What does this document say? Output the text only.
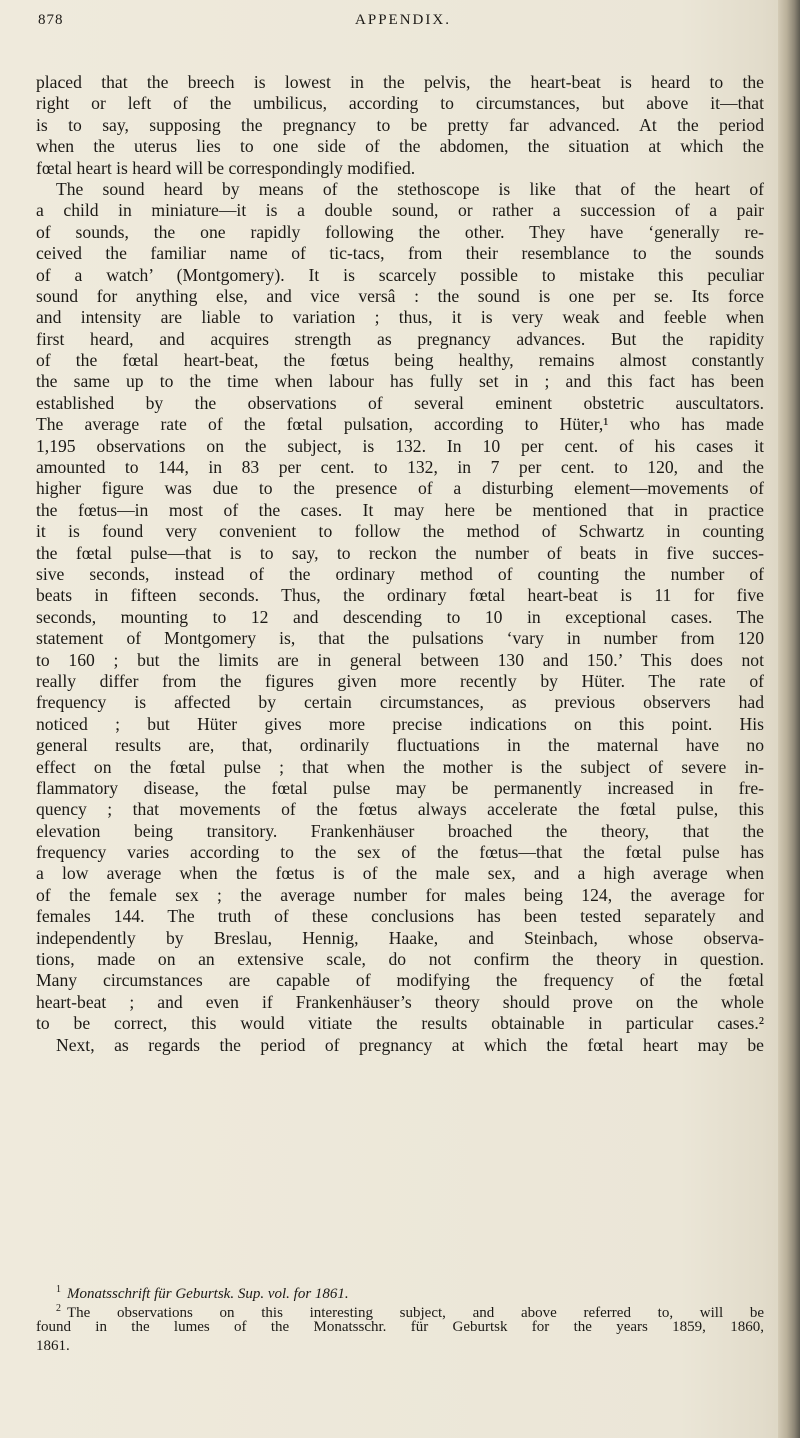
878	APPENDIX.
placed that the breech is lowest in the pelvis, the heart-beat is heard to the
right or left of the umbilicus, according to circumstances, but above it—that
is to say, supposing the pregnancy to be pretty far advanced. At the period
when the uterus lies to one side of the abdomen, the situation at which the
fœtal heart is heard will be correspondingly modified.
The sound heard by means of the stethoscope is like that of the heart of
a child in miniature—it is a double sound, or rather a succession of a pair
of sounds, the one rapidly following the other. They have ‘generally re-
ceived the familiar name of tic-tacs, from their resemblance to the sounds
of a watch’ (Montgomery). It is scarcely possible to mistake this peculiar
sound for anything else, and vice versâ : the sound is one per se. Its force
and intensity are liable to variation ; thus, it is very weak and feeble when
first heard, and acquires strength as pregnancy advances. But the rapidity
of the fœtal heart-beat, the fœtus being healthy, remains almost constantly
the same up to the time when labour has fully set in ; and this fact has been
established by the observations of several eminent obstetric auscultators.
The average rate of the fœtal pulsation, according to Hüter,¹ who has made
1,195 observations on the subject, is 132. In 10 per cent. of his cases it
amounted to 144, in 83 per cent. to 132, in 7 per cent. to 120, and the
higher figure was due to the presence of a disturbing element—movements of
the fœtus—in most of the cases. It may here be mentioned that in practice
it is found very convenient to follow the method of Schwartz in counting
the fœtal pulse—that is to say, to reckon the number of beats in five succes-
sive seconds, instead of the ordinary method of counting the number of
beats in fifteen seconds. Thus, the ordinary fœtal heart-beat is 11 for five
seconds, mounting to 12 and descending to 10 in exceptional cases. The
statement of Montgomery is, that the pulsations ‘vary in number from 120
to 160 ; but the limits are in general between 130 and 150.’ This does not
really differ from the figures given more recently by Hüter. The rate of
frequency is affected by certain circumstances, as previous observers had
noticed ; but Hüter gives more precise indications on this point. His
general results are, that, ordinarily fluctuations in the maternal have no
effect on the fœtal pulse ; that when the mother is the subject of severe in-
flammatory disease, the fœtal pulse may be permanently increased in fre-
quency ; that movements of the fœtus always accelerate the fœtal pulse, this
elevation being transitory. Frankenhäuser broached the theory, that the
frequency varies according to the sex of the fœtus—that the fœtal pulse has
a low average when the fœtus is of the male sex, and a high average when
of the female sex ; the average number for males being 124, the average for
females 144. The truth of these conclusions has been tested separately and
independently by Breslau, Hennig, Haake, and Steinbach, whose observa-
tions, made on an extensive scale, do not confirm the theory in question.
Many circumstances are capable of modifying the frequency of the fœtal
heart-beat ; and even if Frankenhäuser’s theory should prove on the whole
to be correct, this would vitiate the results obtainable in particular cases.²
Next, as regards the period of pregnancy at which the fœtal heart may be
$^1$ Monatsschrift für Geburtsk. Sup. vol. for 1861.
$^2$ The observations on this interesting subject, and above referred to, will be
found in the lumes of the Monatsschr. für Geburtsk for the years 1859, 1860,
1861.
